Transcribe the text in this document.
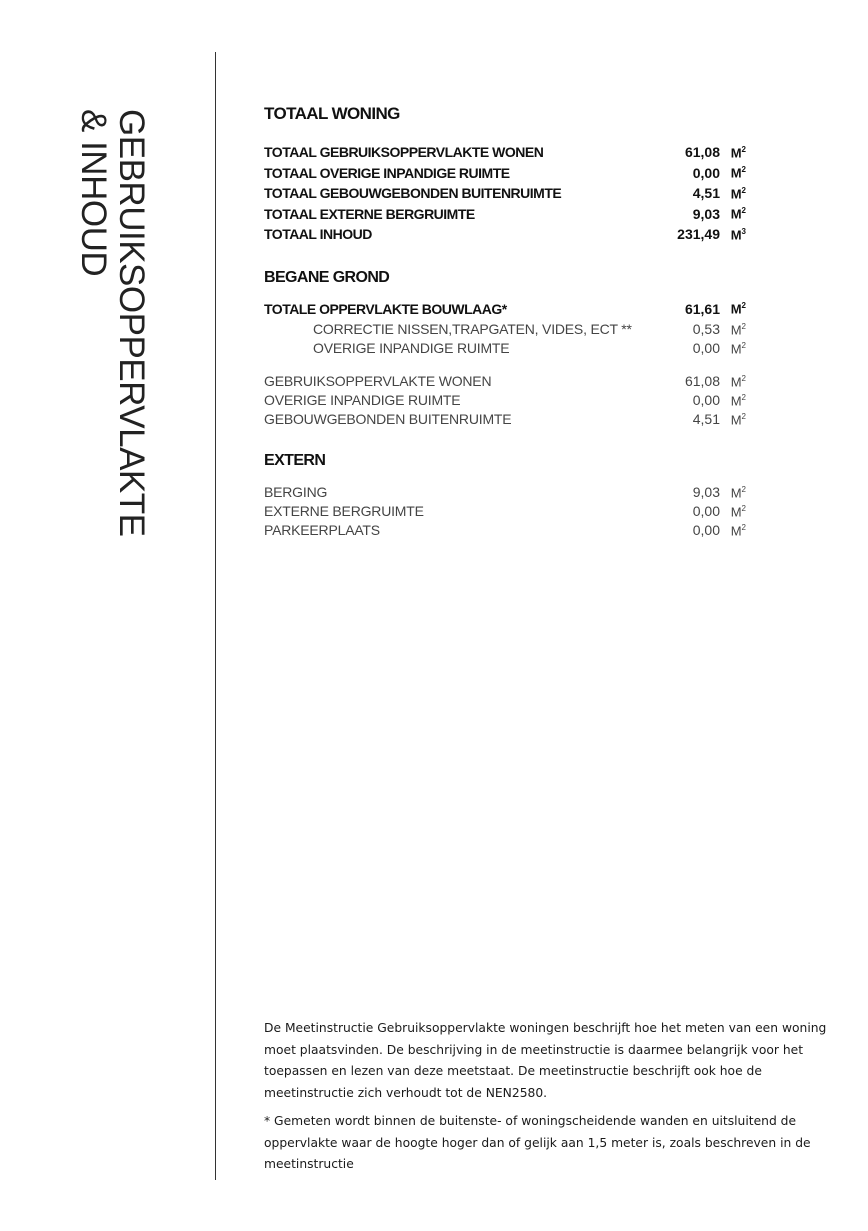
GEBRUIKSOPPERVLAKTE
& INHOUD	TOTAAL WONING
TOTAAL GEBRUIKSOPPERVLAKTE WONEN	61,08 $M^2$
TOTAAL OVERIGE INPANDIGE RUIMTE	0,00 $M^2$
TOTAAL GEBOUWGEBONDEN BUITENRUIMTE	4,51 $M^2$
TOTAAL EXTERNE BERGRUIMTE	9,03 $M^2$
TOTAAL INHOUD	231,49 $M^3$
BEGANE GROND
TOTALE OPPERVLAKTE BOUWLAAG*	61,61 $M^2$
CORRECTIE NISSEN,TRAPGATEN, VIDES, ECT **	0,53 $M^2$
OVERIGE INPANDIGE RUIMTE	0,00 $M^2$
GEBRUIKSOPPERVLAKTE WONEN	61,08 $M^2$
OVERIGE INPANDIGE RUIMTE	0,00 $M^2$
GEBOUWGEBONDEN BUITENRUIMTE	4,51 $M^2$
EXTERN
BERGING	9,03 $M^2$
EXTERNE BERGRUIMTE	0,00 $M^2$
PARKEERPLAATS	0,00 $M^2$

De Meetinstructie Gebruiksoppervlakte woningen beschrijft hoe het meten van een woning moet plaatsvinden. De beschrijving in de meetinstructie is daarmee belangrijk voor het toepassen en lezen van deze meetstaat. De meetinstructie beschrijft ook hoe de meetinstructie zich verhoudt tot de NEN2580.

* Gemeten wordt binnen de buitenste- of woningscheidende wanden en uitsluitend de oppervlakte waar de hoogte hoger dan of gelijk aan 1,5 meter is, zoals beschreven in de meetinstructie
